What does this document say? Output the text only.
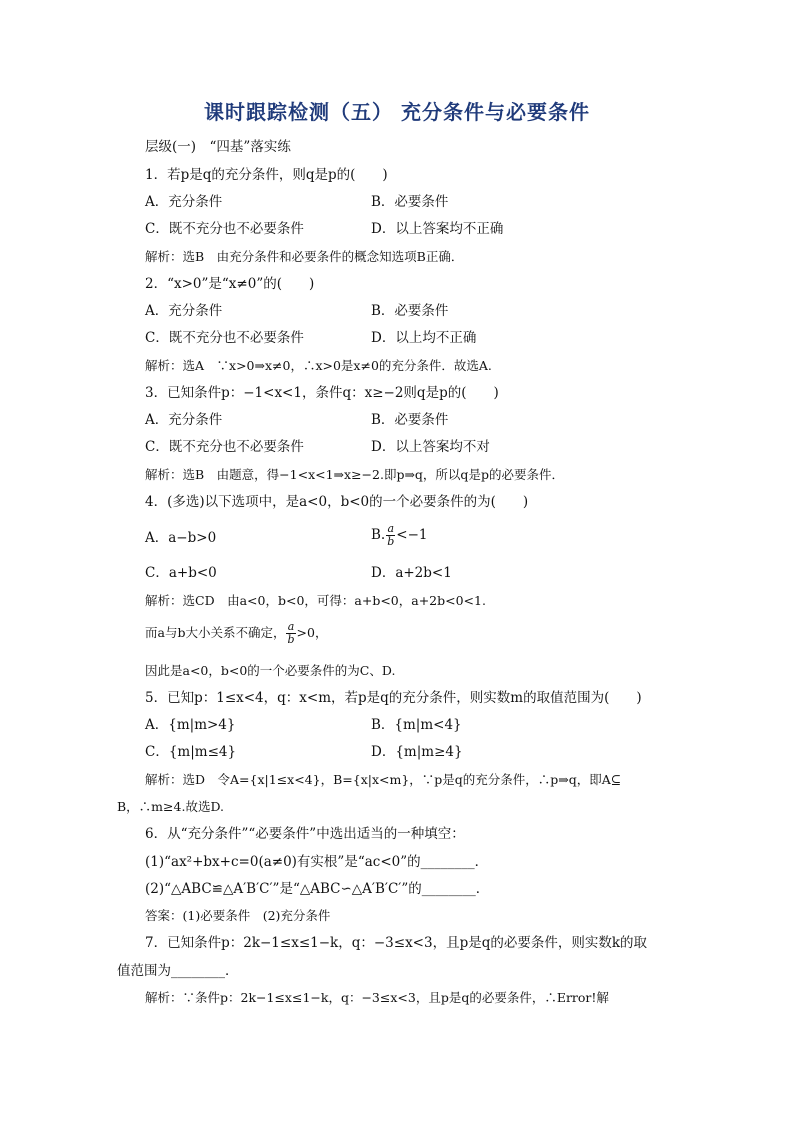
课时跟踪检测（五） 充分条件与必要条件
层级(一)　“四基”落实练
1．若p是q的充分条件，则q是p的(　　)
A．充分条件	B．必要条件
C．既不充分也不必要条件	D．以上答案均不正确
解析：选B　由充分条件和必要条件的概念知选项B正确．
2．“x>0”是“x≠0”的(　　)
A．充分条件	B．必要条件
C．既不充分也不必要条件	D．以上均不正确
解析：选A　∵x>0⇒x≠0，∴x>0是x≠0的充分条件．故选A.
3．已知条件p：−1<x<1，条件q：x≥−2则q是p的(　　)
A．充分条件	B．必要条件
C．既不充分也不必要条件	D．以上答案均不对
解析：选B　由题意，得−1<x<1⇒x≥−2.即p⇒q，所以q是p的必要条件．
4．(多选)以下选项中，是a<0，b<0的一个必要条件的为(　　)
A．a−b>0	B. $\frac{a}{b} <-1$
C．a+b<0	D．a+2b<1
解析：选CD　由a<0，b<0，可得：a+b<0，a+2b<0<1.
而a与b大小关系不确定， $\frac{a}{b} >0$，
因此是a<0，b<0的一个必要条件的为C、D.
5．已知p：1≤x<4，q：x<m，若p是q的充分条件，则实数m的取值范围为(　　)
A．{m|m>4}	B．{m|m<4}
C．{m|m≤4}	D．{m|m≥4}
解析：选D　令A={x|1≤x<4}，B={x|x<m}，∵p是q的充分条件，∴p⇒q，即A⊆
B，∴m≥4.故选D.
6．从“充分条件”“必要条件”中选出适当的一种填空：
(1)“ax²+bx+c=0(a≠0)有实根”是“ac<0”的________．
(2)“△ABC≌△A′B′C′”是“△ABC∽△A′B′C′”的________．
答案：(1)必要条件　(2)充分条件
7．已知条件p：2k−1≤x≤1−k，q：−3≤x<3，且p是q的必要条件，则实数k的取
值范围为________．
解析：∵条件p：2k−1≤x≤1−k，q：−3≤x<3，且p是q的必要条件，∴Error!解
